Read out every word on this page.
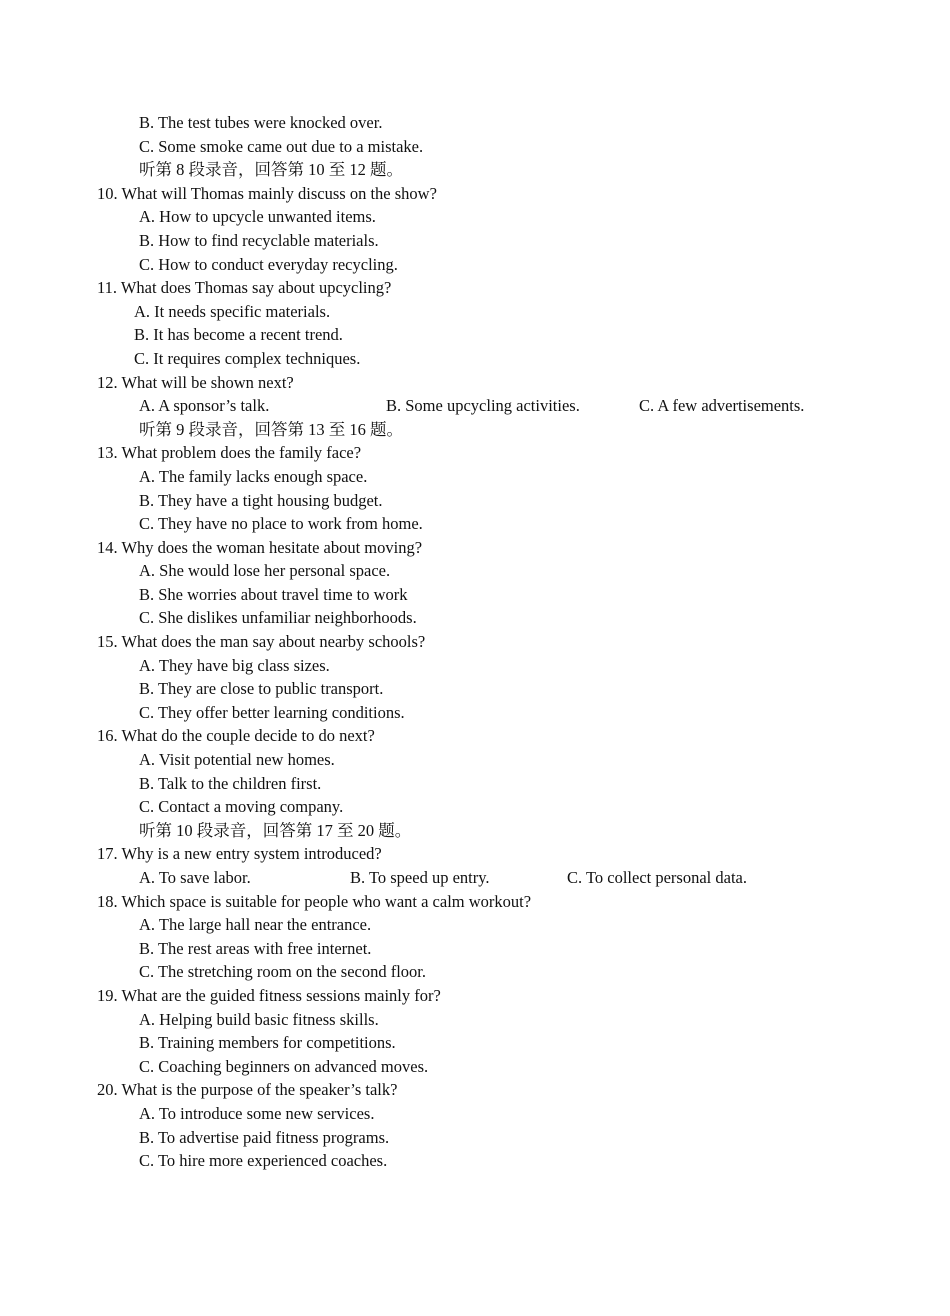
B. The test tubes were knocked over.
C. Some smoke came out due to a mistake.
听第 8 段录音，回答第 10 至 12 题。
10. What will Thomas mainly discuss on the show?
A. How to upcycle unwanted items.
B. How to find recyclable materials.
C. How to conduct everyday recycling.
11. What does Thomas say about upcycling?
A. It needs specific materials.
B. It has become a recent trend.
C. It requires complex techniques.
12. What will be shown next?
A. A sponsor’s talk.	B. Some upcycling activities.	C. A few advertisements.
听第 9 段录音，回答第 13 至 16 题。
13. What problem does the family face?
A. The family lacks enough space.
B. They have a tight housing budget.
C. They have no place to work from home.
14. Why does the woman hesitate about moving?
A. She would lose her personal space.
B. She worries about travel time to work
C. She dislikes unfamiliar neighborhoods.
15. What does the man say about nearby schools?
A. They have big class sizes.
B. They are close to public transport.
C. They offer better learning conditions.
16. What do the couple decide to do next?
A. Visit potential new homes.
B. Talk to the children first.
C. Contact a moving company.
听第 10 段录音，回答第 17 至 20 题。
17. Why is a new entry system introduced?
A. To save labor.	B. To speed up entry.	C. To collect personal data.
18. Which space is suitable for people who want a calm workout?
A. The large hall near the entrance.
B. The rest areas with free internet.
C. The stretching room on the second floor.
19. What are the guided fitness sessions mainly for?
A. Helping build basic fitness skills.
B. Training members for competitions.
C. Coaching beginners on advanced moves.
20. What is the purpose of the speaker’s talk?
A. To introduce some new services.
B. To advertise paid fitness programs.
C. To hire more experienced coaches.
